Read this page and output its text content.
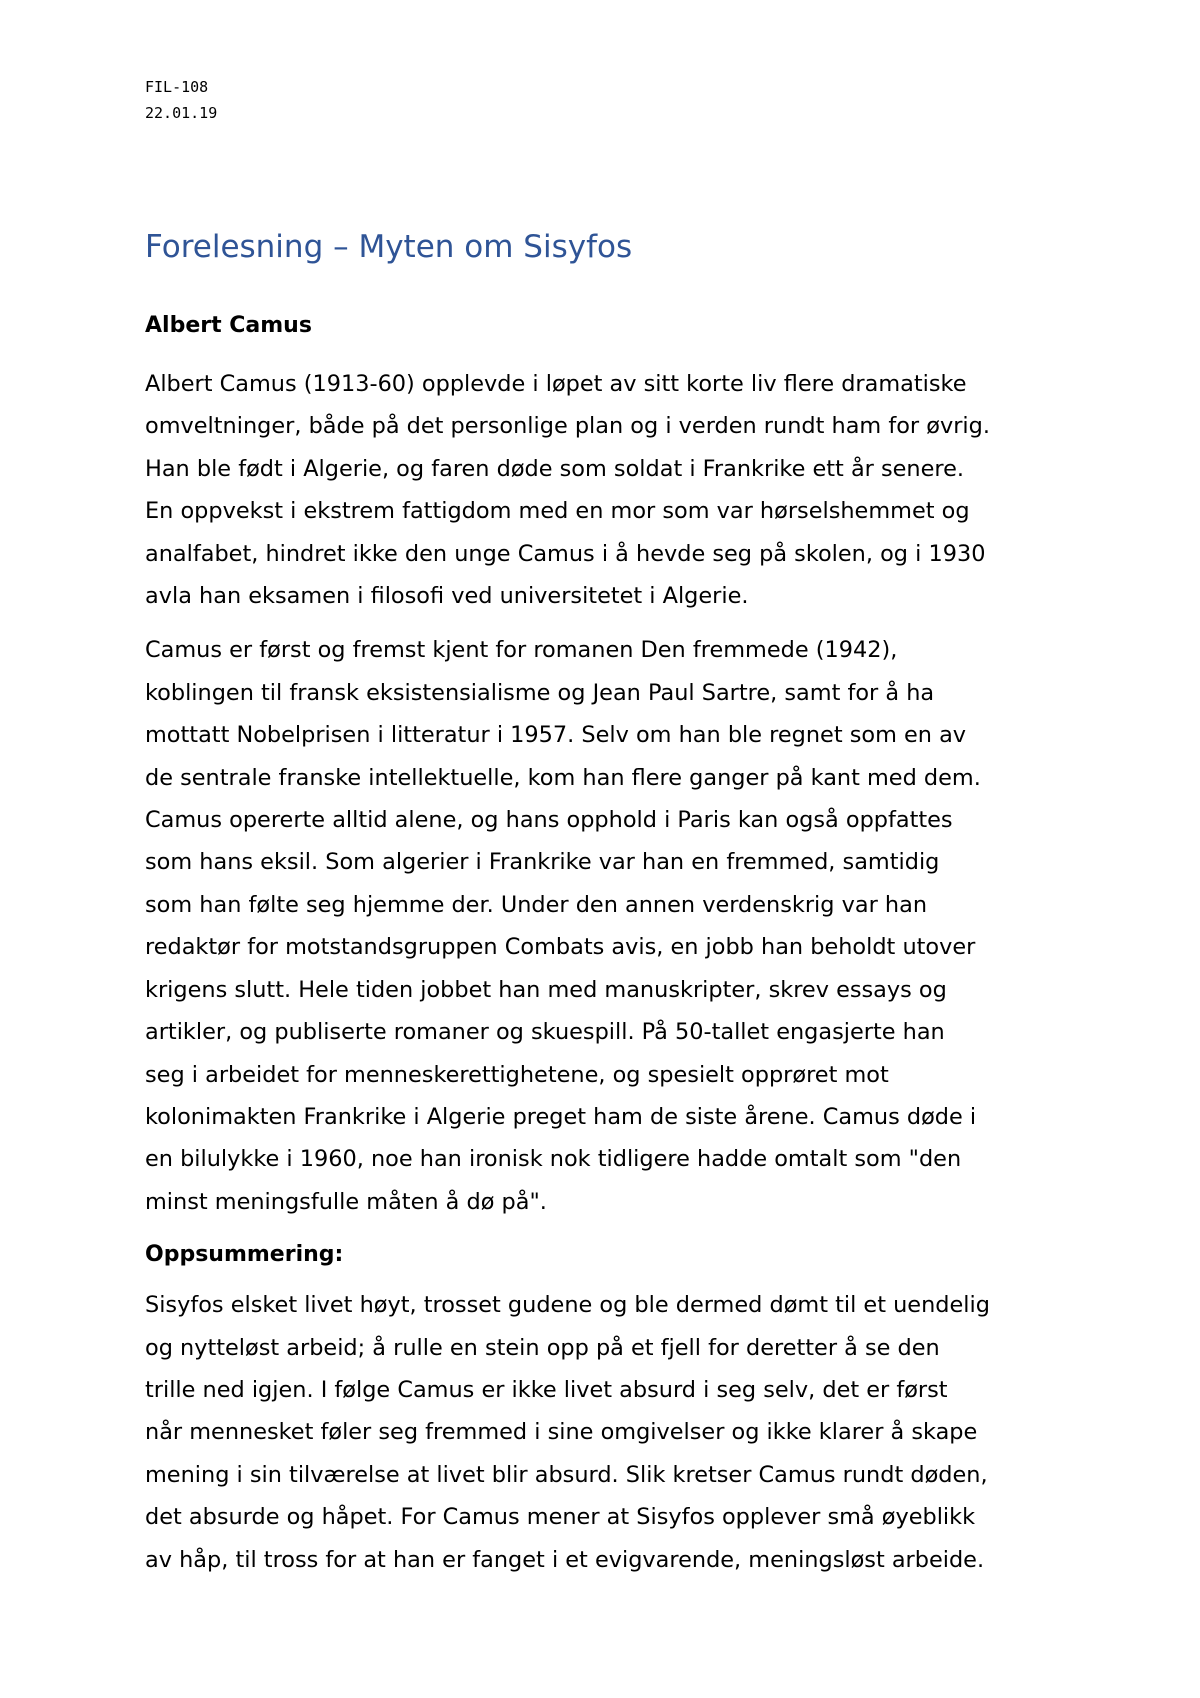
FIL-108

22.01.19

Forelesning – Myten om Sisyfos
Albert Camus

Albert Camus (1913-60) opplevde i løpet av sitt korte liv flere dramatiske
omveltninger, både på det personlige plan og i verden rundt ham for øvrig.
Han ble født i Algerie, og faren døde som soldat i Frankrike ett år senere.
En oppvekst i ekstrem fattigdom med en mor som var hørselshemmet og
analfabet, hindret ikke den unge Camus i å hevde seg på skolen, og i 1930
avla han eksamen i filosofi ved universitetet i Algerie.

Camus er først og fremst kjent for romanen Den fremmede (1942),
koblingen til fransk eksistensialisme og Jean Paul Sartre, samt for å ha
mottatt Nobelprisen i litteratur i 1957. Selv om han ble regnet som en av
de sentrale franske intellektuelle, kom han flere ganger på kant med dem.
Camus opererte alltid alene, og hans opphold i Paris kan også oppfattes
som hans eksil. Som algerier i Frankrike var han en fremmed, samtidig
som han følte seg hjemme der. Under den annen verdenskrig var han
redaktør for motstandsgruppen Combats avis, en jobb han beholdt utover
krigens slutt. Hele tiden jobbet han med manuskripter, skrev essays og
artikler, og publiserte romaner og skuespill. På 50-tallet engasjerte han
seg i arbeidet for menneskerettighetene, og spesielt opprøret mot
kolonimakten Frankrike i Algerie preget ham de siste årene. Camus døde i
en bilulykke i 1960, noe han ironisk nok tidligere hadde omtalt som "den
minst meningsfulle måten å dø på".

Oppsummering:

Sisyfos elsket livet høyt, trosset gudene og ble dermed dømt til et uendelig
og nytteløst arbeid; å rulle en stein opp på et fjell for deretter å se den
trille ned igjen. I følge Camus er ikke livet absurd i seg selv, det er først
når mennesket føler seg fremmed i sine omgivelser og ikke klarer å skape
mening i sin tilværelse at livet blir absurd. Slik kretser Camus rundt døden,
det absurde og håpet. For Camus mener at Sisyfos opplever små øyeblikk
av håp, til tross for at han er fanget i et evigvarende, meningsløst arbeide.
